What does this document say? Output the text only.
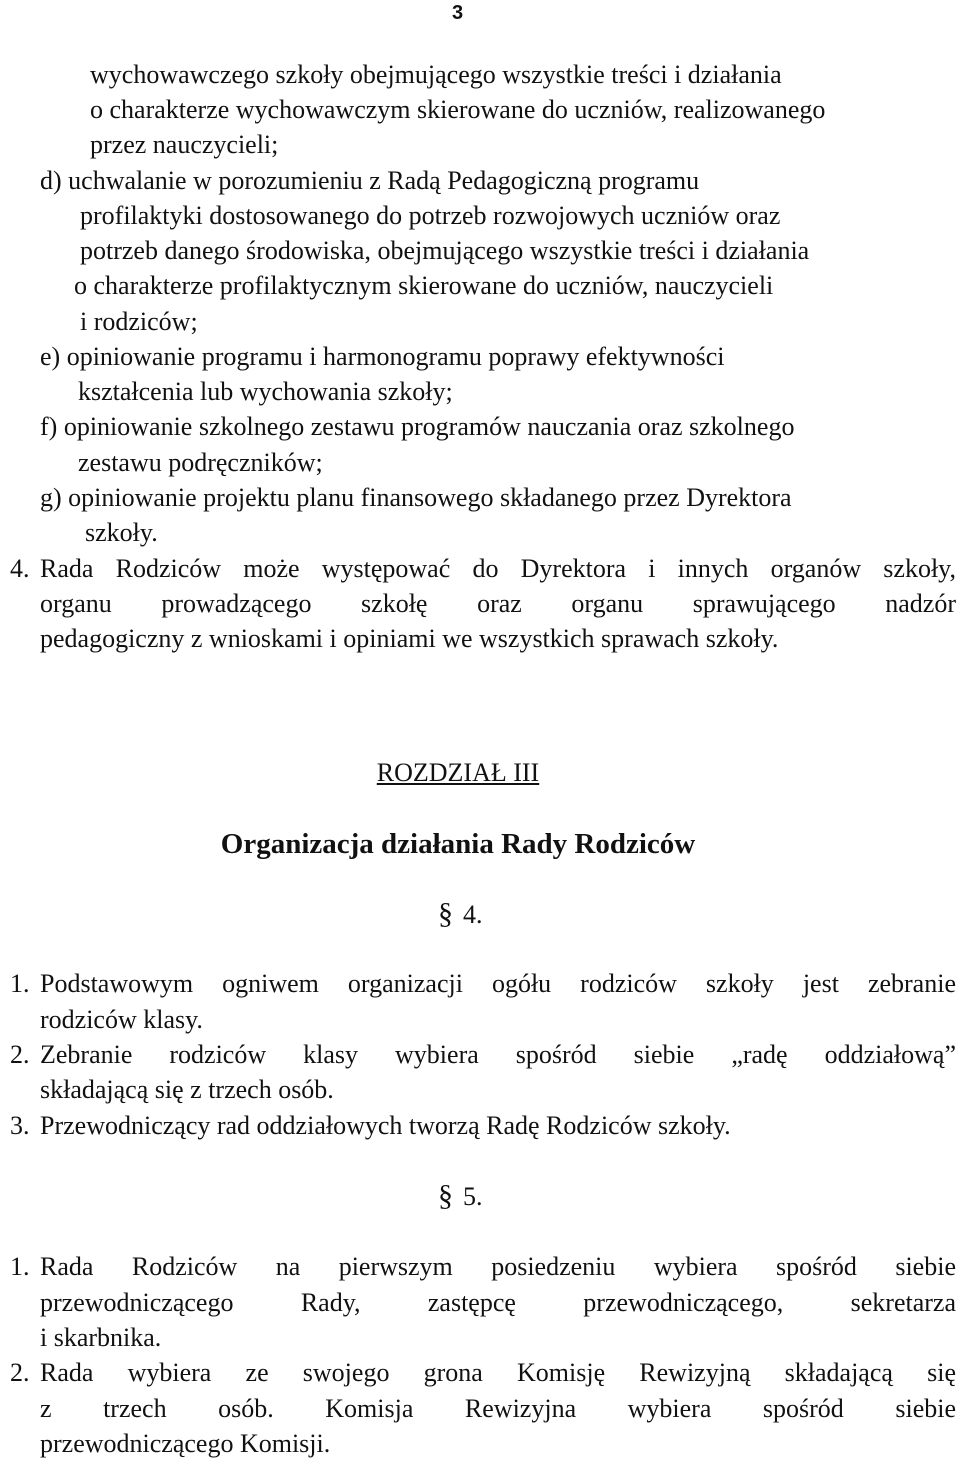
3
wychowawczego szkoły obejmującego wszystkie treści i działania
o charakterze wychowawczym skierowane do uczniów, realizowanego
przez nauczycieli;
d) uchwalanie w porozumieniu z Radą Pedagogiczną programu
profilaktyki dostosowanego do potrzeb rozwojowych uczniów oraz
potrzeb danego środowiska, obejmującego wszystkie treści i działania
o charakterze profilaktycznym skierowane do uczniów, nauczycieli
i rodziców;
e) opiniowanie programu i harmonogramu poprawy efektywności
kształcenia lub wychowania szkoły;
f) opiniowanie szkolnego zestawu programów nauczania oraz szkolnego
zestawu podręczników;
g) opiniowanie projektu planu finansowego składanego przez Dyrektora
szkoły.
4. Rada Rodziców może występować do Dyrektora i innych organów szkoły,
organu prowadzącego szkołę oraz organu sprawującego nadzór
pedagogiczny z wnioskami i opiniami we wszystkich sprawach szkoły.
ROZDZIAŁ III
Organizacja działania Rady Rodziców
§ 4.
1. Podstawowym ogniwem organizacji ogółu rodziców szkoły jest zebranie
rodziców klasy.
2. Zebranie rodziców klasy wybiera spośród siebie „radę oddziałową”
składającą się z trzech osób.
3. Przewodniczący rad oddziałowych tworzą Radę Rodziców szkoły.
§ 5.
1. Rada Rodziców na pierwszym posiedzeniu wybiera spośród siebie
przewodniczącego Rady, zastępcę przewodniczącego, sekretarza
i skarbnika.
2. Rada wybiera ze swojego grona Komisję Rewizyjną składającą się
z trzech osób. Komisja Rewizyjna wybiera spośród siebie
przewodniczącego Komisji.
